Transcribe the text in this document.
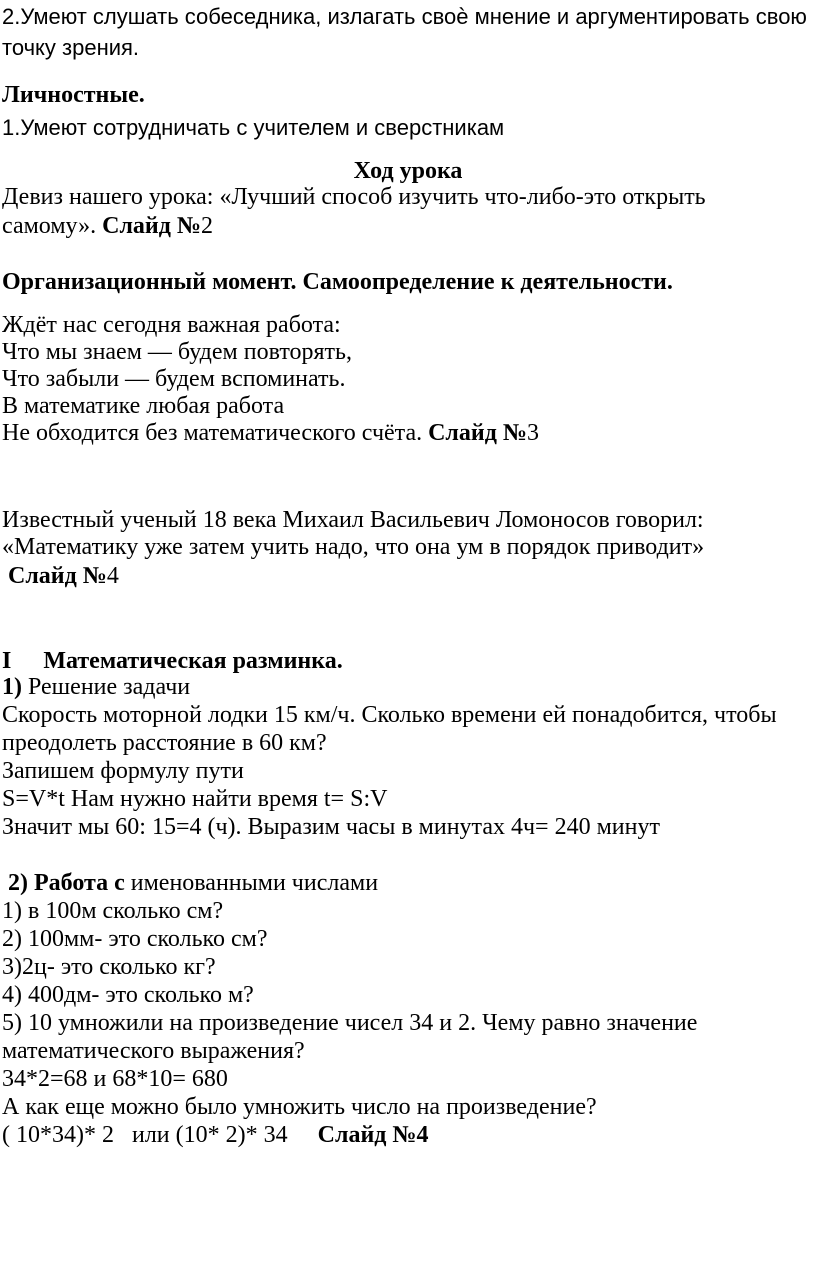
2.Умеют слушать собеседника, излагать своѐ мнение и аргументировать свою
точку зрения.
Личностные.
1.Умеют сотрудничать с учителем и сверстникам
Ход урока
Девиз нашего урока: «Лучший способ изучить что-либо-это открыть
самому». Слайд №2
Организационный момент. Самоопределение к деятельности.
Ждёт нас сегодня важная работа:
Что мы знаем — будем повторять,
Что забыли — будем вспоминать.
В математике любая работа
Не обходится без математического счёта. Слайд №3
Известный ученый 18 века Михаил Васильевич Ломоносов говорил:
«Математику уже затем учить надо, что она ум в порядок приводит»
Слайд №4
I Математическая разминка.
1) Решение задачи
Скорость моторной лодки 15 км/ч. Сколько времени ей понадобится, чтобы
преодолеть расстояние в 60 км?
Запишем формулу пути
S=V*t Нам нужно найти время t= S:V
Значит мы 60: 15=4 (ч). Выразим часы в минутах 4ч= 240 минут
2) Работа с именованными числами
1) в 100м сколько см?
2) 100мм- это сколько см?
3)2ц- это сколько кг?
4) 400дм- это сколько м?
5) 10 умножили на произведение чисел 34 и 2. Чему равно значение
математического выражения?
34*2=68 и 68*10= 680
А как еще можно было умножить число на произведение?
( 10*34)* 2   или (10* 2)* 34 Слайд №4
